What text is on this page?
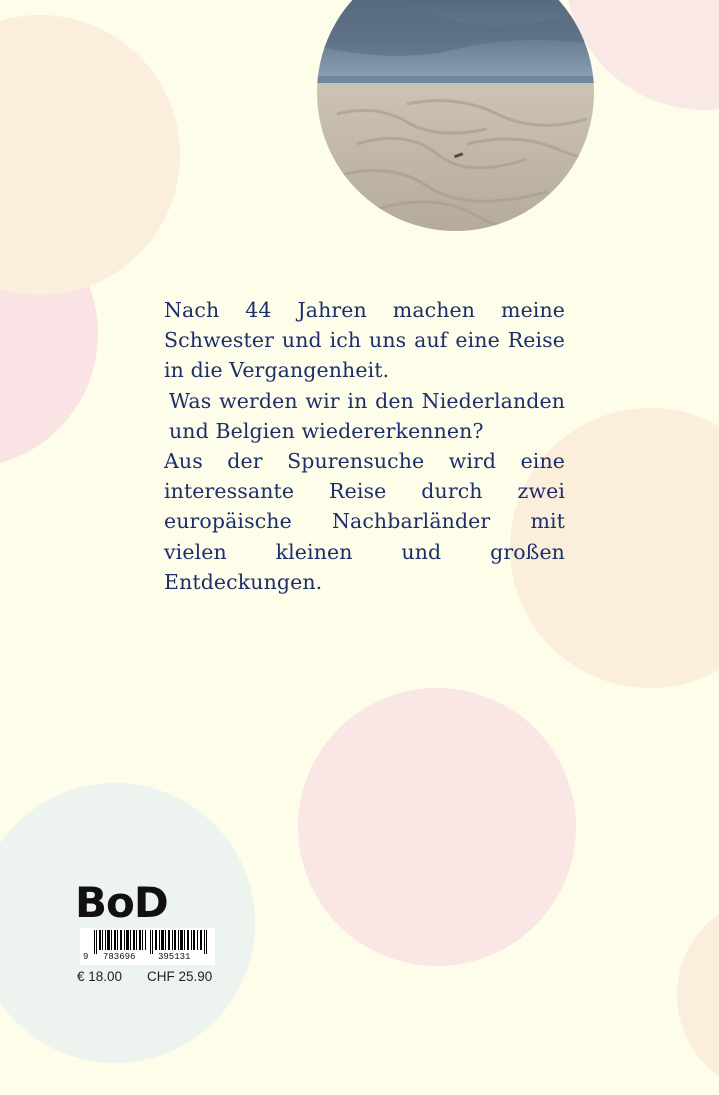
Nach 44 Jahren machen meine Schwester und ich uns auf eine Reise in die Vergangenheit.

Was werden wir in den Niederlanden und Belgien wiedererkennen?

Aus der Spurensuche wird eine interessante Reise durch zwei europäische Nachbarländer mit vielen kleinen und großen Entdeckungen.

BoD
9 783696	395131
€ 18.00 CHF 25.90
